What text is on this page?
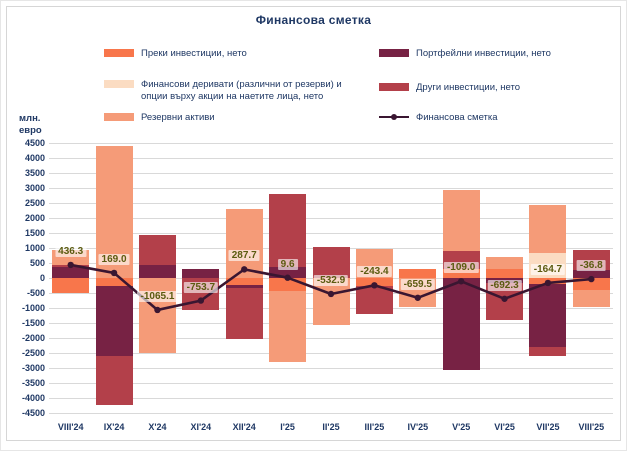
Финансова сметка
Преки инвестиции, нето
Финансови деривати (различни от резерви) и опции върху акции на наетите лица, нето
Резервни активи
Портфейлни инвестиции, нето
Други инвестиции, нето
Финансова сметка
млн.
евро
4500
4000
3500
3000
2500
2000
1500
1000
500
0
-500
-1000
-1500
-2000
-2500
-3000
-3500
-4000
-4500
436.3
169.0
-1065.1
-753.7
287.7
9.6
-532.9
-243.4
-659.5
-109.0
-692.3
-164.7	-36.8
VIII'24	IX'24	X'24	XI'24	XII'24	I'25	II'25	III'25	IV'25	V'25	VI'25	VII'25	VIII'25
